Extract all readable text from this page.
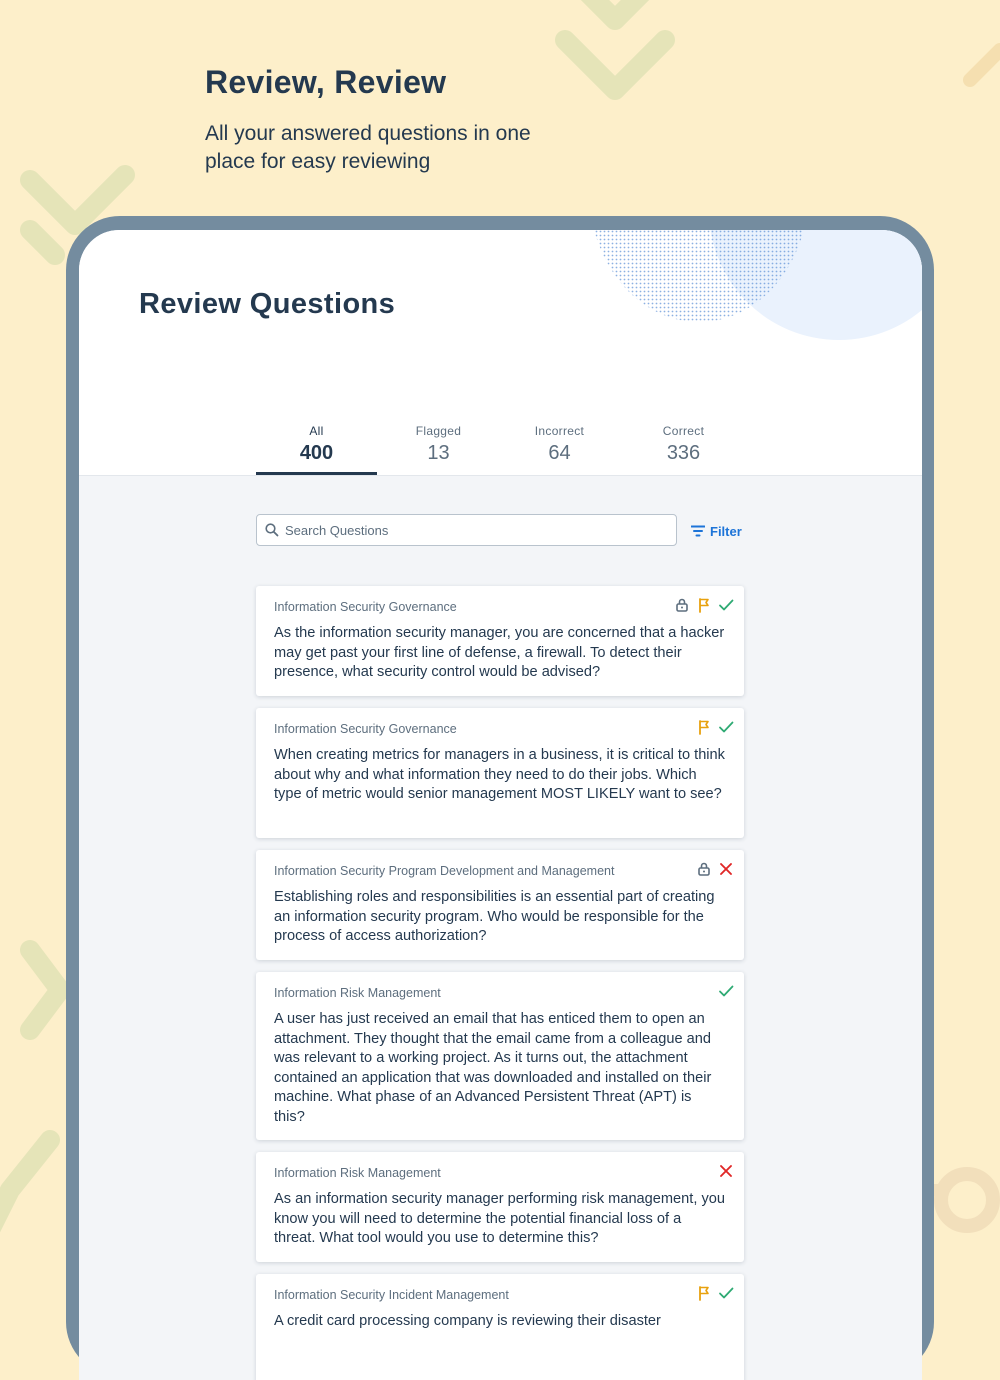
Review, Review

All your answered questions in one place for easy reviewing

Review Questions
All
400
Flagged
13
Incorrect
64
Correct
336
Search Questions
Filter
Information Security Governance
As the information security manager, you are concerned that a hacker may get past your first line of defense, a firewall. To detect their presence, what security control would be advised?
Information Security Governance
When creating metrics for managers in a business, it is critical to think about why and what information they need to do their jobs. Which type of metric would senior management MOST LIKELY want to see?
Information Security Program Development and Management
Establishing roles and responsibilities is an essential part of creating an information security program. Who would be responsible for the process of access authorization?
Information Risk Management
A user has just received an email that has enticed them to open an attachment. They thought that the email came from a colleague and was relevant to a working project. As it turns out, the attachment contained an application that was downloaded and installed on their machine. What phase of an Advanced Persistent Threat (APT) is this?
Information Risk Management
As an information security manager performing risk management, you know you will need to determine the potential financial loss of a threat. What tool would you use to determine this?
Information Security Incident Management
A credit card processing company is reviewing their disaster
